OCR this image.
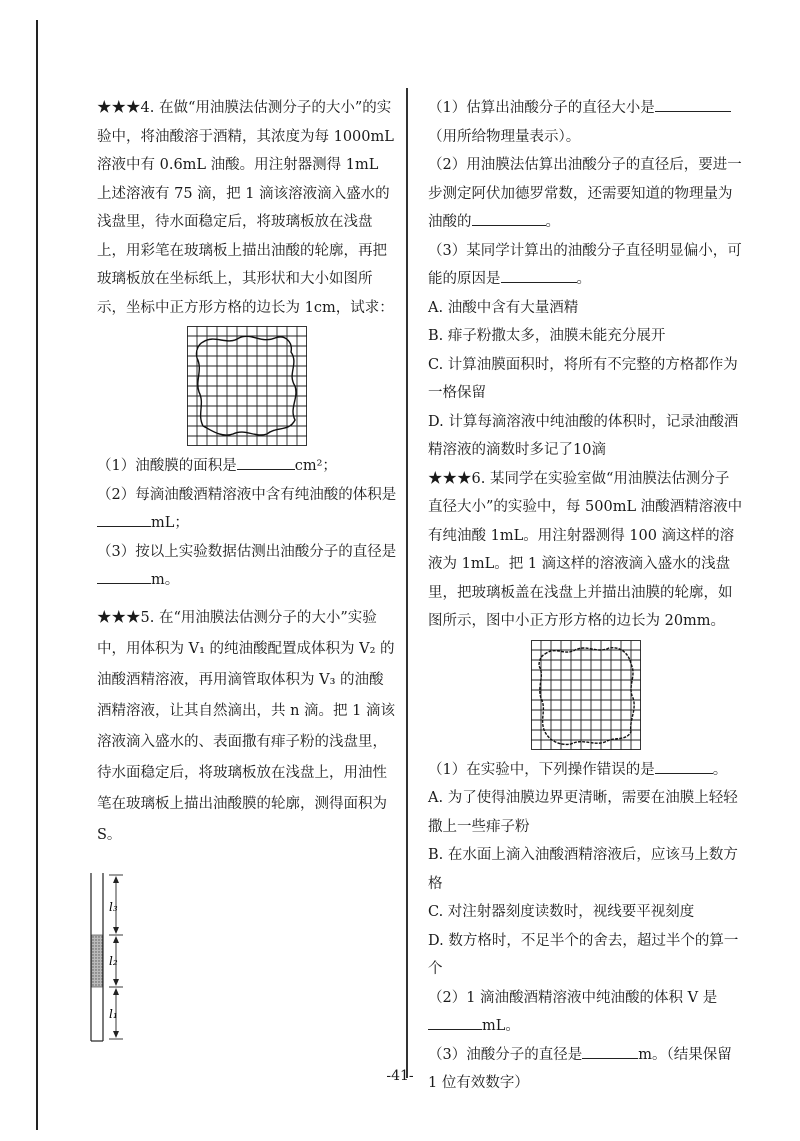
★★★4. 在做“用油膜法估测分子的大小”的实验中，将油酸溶于酒精，其浓度为每 1000mL 溶液中有 0.6mL 油酸。用注射器测得 1mL 上述溶液有 75 滴，把 1 滴该溶液滴入盛水的浅盘里，待水面稳定后，将玻璃板放在浅盘上，用彩笔在玻璃板上描出油酸的轮廓，再把玻璃板放在坐标纸上，其形状和大小如图所示，坐标中正方形方格的边长为 1cm，试求：

（1）油酸膜的面积是	cm²；

（2）每滴油酸酒精溶液中含有纯油酸的体积是

mL；

（3）按以上实验数据估测出油酸分子的直径是

m。

★★★5. 在“用油膜法估测分子的大小”实验中，用体积为 V₁ 的纯油酸配置成体积为 V₂ 的油酸酒精溶液，再用滴管取体积为 V₃ 的油酸酒精溶液，让其自然滴出，共 n 滴。把 1 滴该溶液滴入盛水的、表面撒有痱子粉的浅盘里，待水面稳定后，将玻璃板放在浅盘上，用油性笔在玻璃板上描出油酸膜的轮廓，测得面积为 S。

l₃
l₂
l₁

（1）估算出油酸分子的直径大小是

（用所给物理量表示）。

（2）用油膜法估算出油酸分子的直径后，要进一步测定阿伏加德罗常数，还需要知道的物理量为油酸的	。

（3）某同学计算出的油酸分子直径明显偏小，可能的原因是	。

A. 油酸中含有大量酒精

B. 痱子粉撒太多，油膜未能充分展开

C. 计算油膜面积时，将所有不完整的方格都作为一格保留

D. 计算每滴溶液中纯油酸的体积时，记录油酸酒精溶液的滴数时多记了10滴

★★★6. 某同学在实验室做“用油膜法估测分子直径大小”的实验中，每 500mL 油酸酒精溶液中有纯油酸 1mL。用注射器测得 100 滴这样的溶液为 1mL。把 1 滴这样的溶液滴入盛水的浅盘里，把玻璃板盖在浅盘上并描出油膜的轮廓，如图所示，图中小正方形方格的边长为 20mm。

（1）在实验中，下列操作错误的是	。

A. 为了使得油膜边界更清晰，需要在油膜上轻轻撒上一些痱子粉

B. 在水面上滴入油酸酒精溶液后，应该马上数方格

C. 对注射器刻度读数时，视线要平视刻度

D. 数方格时，不足半个的舍去，超过半个的算一个

（2）1 滴油酸酒精溶液中纯油酸的体积 V 是

mL。

（3）油酸分子的直径是	m。（结果保留 1 位有效数字）

-41-
